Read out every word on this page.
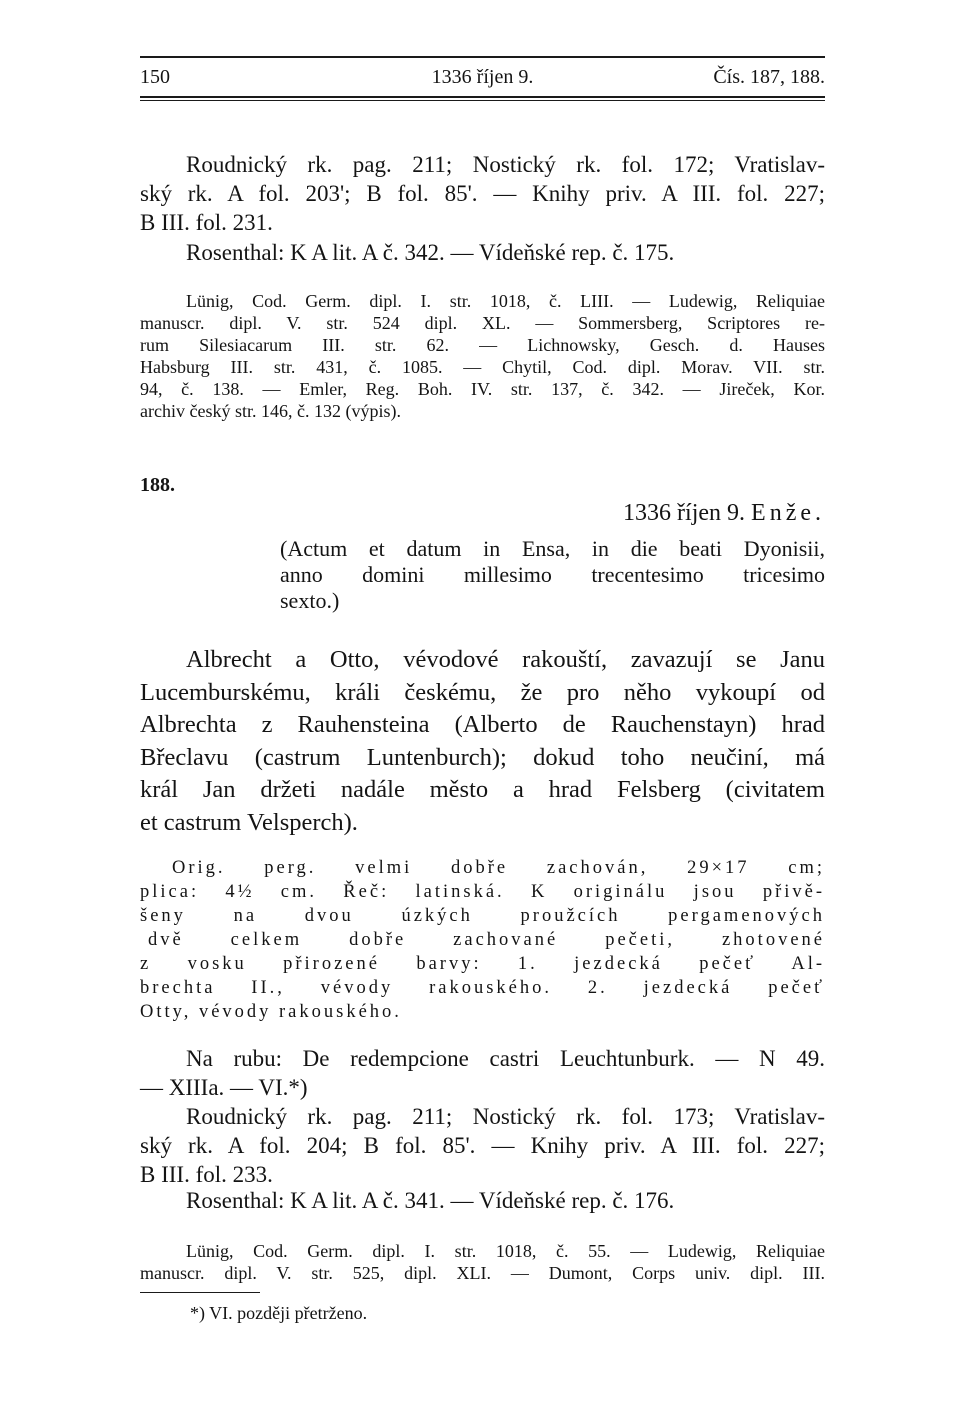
150	1336 říjen 9.	Čís. 187, 188.
Roudnický rk. pag. 211; Nostický rk. fol. 172; Vratislav-
ský rk. A fol. 203'; B fol. 85'. — Knihy priv. A III. fol. 227;
B III. fol. 231.
Rosenthal: K A lit. A č. 342. — Vídeňské rep. č. 175.
Lünig, Cod. Germ. dipl. I. str. 1018, č. LIII. — Ludewig, Reliquiae
manuscr. dipl. V. str. 524 dipl. XL. — Sommersberg, Scriptores re-
rum Silesiacarum III. str. 62. — Lichnowsky, Gesch. d. Hauses
Habsburg III. str. 431, č. 1085. — Chytil, Cod. dipl. Morav. VII. str.
94, č. 138. — Emler, Reg. Boh. IV. str. 137, č. 342. — Jireček, Kor.
archiv český str. 146, č. 132 (výpis).
188.
1336 říjen 9. Enže.
(Actum et datum in Ensa, in die beati Dyonisii,
anno domini millesimo trecentesimo tricesimo
sexto.)
Albrecht a Otto, vévodové rakouští, zavazují se Janu
Lucemburskému, králi českému, že pro něho vykoupí od
Albrechta z Rauhensteina (Alberto de Rauchenstayn) hrad
Břeclavu (castrum Luntenburch); dokud toho neučiní, má
král Jan držeti nadále město a hrad Felsberg (civitatem
et castrum Velsperch).
Orig. perg. velmi dobře zachován, 29×17 cm;
plica: 4½ cm. Řeč: latinská. K originálu jsou přivě-
šeny na dvou úzkých proužcích pergamenových
dvě celkem dobře zachované pečeti, zhotovené
z vosku přirozené barvy: 1. jezdecká pečeť Al-
brechta II., vévody rakouského. 2. jezdecká pečeť
Otty, vévody rakouského.
Na rubu: De redempcione castri Leuchtunburk. — N 49.
— XIIIa. — VI.*)
Roudnický rk. pag. 211; Nostický rk. fol. 173; Vratislav-
ský rk. A fol. 204; B fol. 85'. — Knihy priv. A III. fol. 227;
B III. fol. 233.
Rosenthal: K A lit. A č. 341. — Vídeňské rep. č. 176.
Lünig, Cod. Germ. dipl. I. str. 1018, č. 55. — Ludewig, Reliquiae
manuscr. dipl. V. str. 525, dipl. XLI. — Dumont, Corps univ. dipl. III.
*) VI. později přetrženo.
